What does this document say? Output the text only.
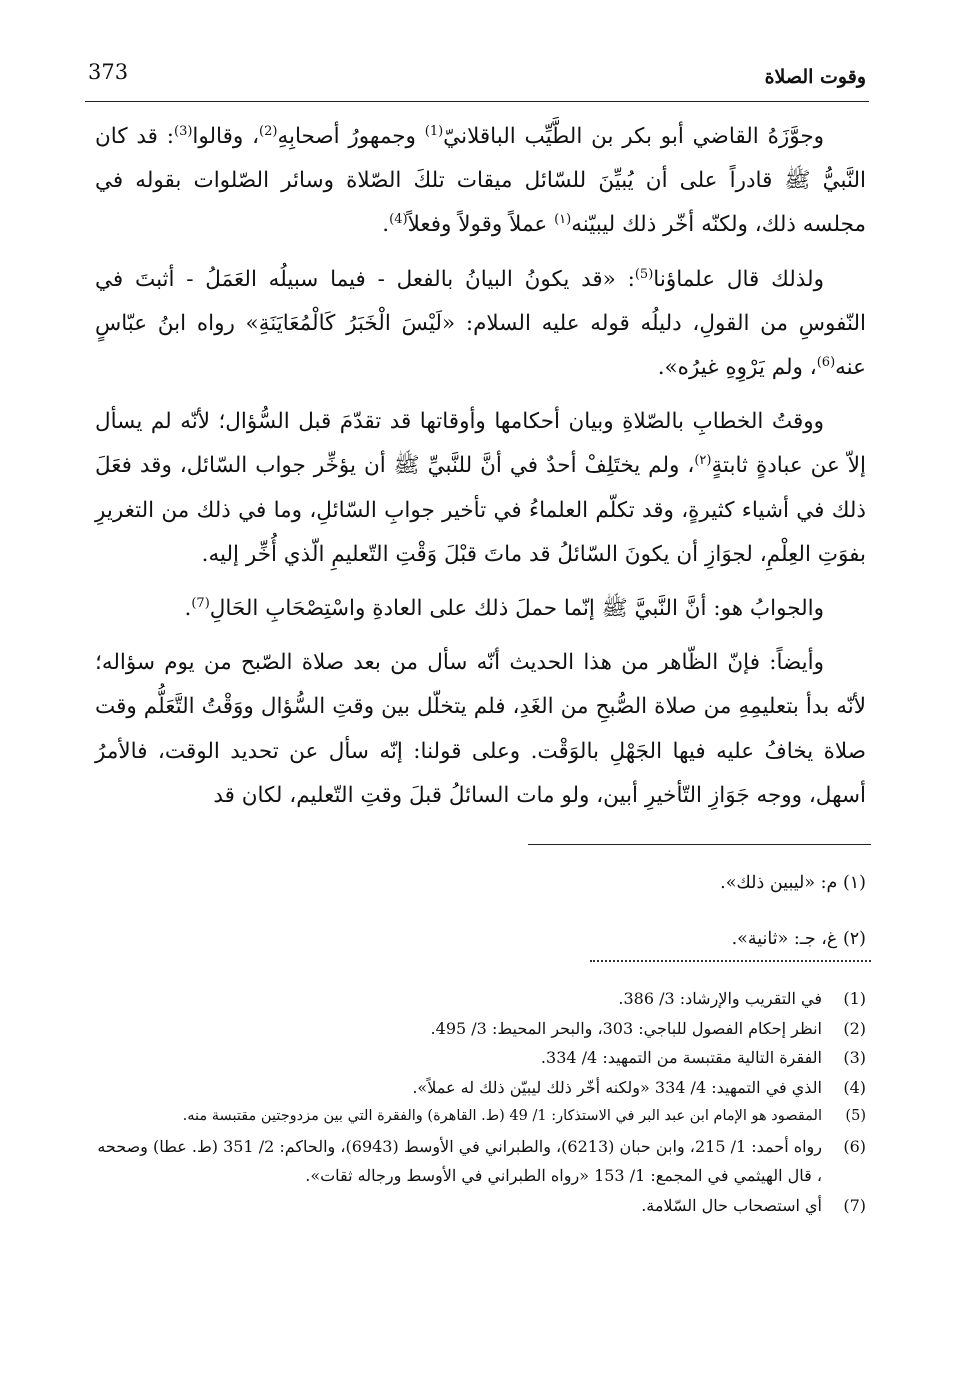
373	وقوت الصلاة

وجوَّزَهُ القاضي أبو بكر بن الطَّيِّب الباقلانيّ$^{(1)}$ وجمهورُ أصحابِهِ$^{(2)}$، وقالوا$^{(3)}$: قد كان النَّبيُّ ﷺ قادراً على أن يُبيِّنَ للسّائل ميقات تلكَ الصّلاة وسائر الصّلوات بقوله في مجلسه ذلك، ولكنّه أخّر ذلك ليبيّنه$^{(١)}$ عملاً وقولاً وفعلاً$^{(4)}$.

ولذلك قال علماؤنا$^{(5)}$: «قد يكونُ البيانُ بالفعل - فيما سبيلُه العَمَلُ - أثبتَ في النّفوسِ من القولِ، دليلُه قوله عليه السلام: «لَيْسَ الْخَبَرُ كَالْمُعَايَنَةِ» رواه ابنُ عبّاسٍ عنه$^{(6)}$، ولم يَرْوِهِ غيرُه».

ووقتُ الخطابِ بالصّلاةِ وبيان أحكامها وأوقاتها قد تقدّمَ قبل السُّؤال؛ لأنّه لم يسأل إلاّ عن عبادةٍ ثابتةٍ$^{(٢)}$، ولم يختَلِفْ أحدٌ في أنَّ للنَّبيِّ ﷺ أن يؤخِّر جواب السّائل، وقد فعَلَ ذلك في أشياء كثيرةٍ، وقد تكلّم العلماءُ في تأخير جوابِ السّائلِ، وما في ذلك من التغريرِ بفوَتِ العِلْمِ، لجوَازِ أن يكونَ السّائلُ قد ماتَ قبْلَ وَقْتِ التّعليمِ الّذي أُخِّر إليه.

والجوابُ هو: أنَّ النَّبيَّ ﷺ إنّما حملَ ذلك على العادةِ واسْتِصْحَابِ الحَالِ$^{(7)}$.

وأيضاً: فإنّ الظّاهر من هذا الحديث أنّه سأل من بعد صلاة الصّبح من يوم سؤاله؛ لأنّه بدأ بتعليمِهِ من صلاة الصُّبحِ من الغَدِ، فلم يتخلّل بين وقتِ السُّؤال ووَقْتُ التَّعَلُّم وقت صلاة يخافُ عليه فيها الجَهْلِ بالوَقْت. وعلى قولنا: إنّه سأل عن تحديد الوقت، فالأمرُ أسهل، ووجه جَوَازِ التّأخيرِ أبين، ولو مات السائلُ قبلَ وقتِ التّعليم، لكان قد

(١) م: «ليبين ذلك».

(٢) غ، جـ: «ثانية».

(1)
في التقريب والإرشاد: 3/ 386.
(2)
انظر إحكام الفصول للباجي: 303، والبحر المحيط: 3/ 495.
(3)
الفقرة التالية مقتبسة من التمهيد: 4/ 334.
(4)
الذي في التمهيد: 4/ 334 «ولكنه أخّر ذلك ليبيّن ذلك له عملاً».
(5)
المقصود هو الإمام ابن عبد البر في الاستذكار: 1/ 49 (ط. القاهرة) والفقرة التي بين مزدوجتين مقتبسة منه.
(6)
رواه أحمد: 1/ 215، وابن حبان (6213)، والطبراني في الأوسط (6943)، والحاكم: 2/ 351 (ط. عطا) وصححه ، قال الهيثمي في المجمع: 1/ 153 «رواه الطبراني في الأوسط ورجاله ثقات».
(7)
أي استصحاب حال السّلامة.
